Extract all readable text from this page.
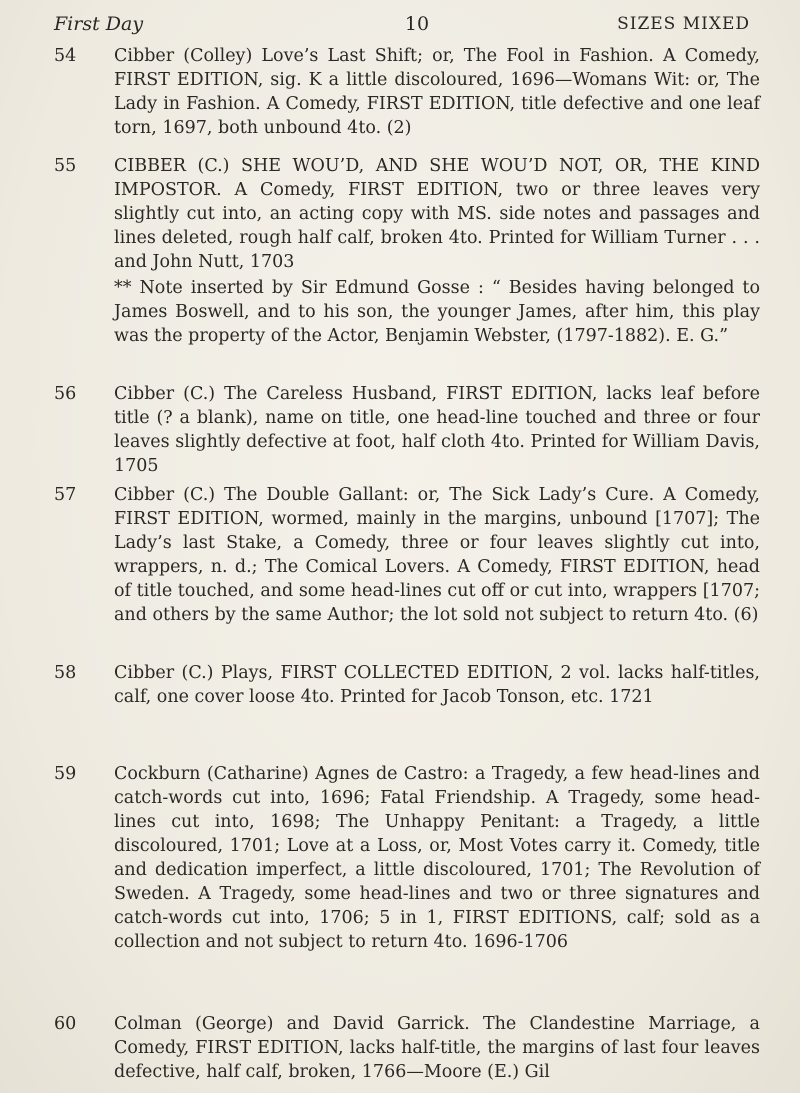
First Day	10	SIZES MIXED
54	Cibber (Colley) Love’s Last Shift; or, The Fool in Fashion. A Comedy, FIRST EDITION, sig. K a little discoloured, 1696—Womans Wit: or, The Lady in Fashion. A Comedy, FIRST EDITION, title defective and one leaf torn, 1697, both unbound 4to. (2)
55	CIBBER (C.) SHE WOU’D, AND SHE WOU’D NOT, OR, THE KIND IMPOSTOR. A Comedy, FIRST EDITION, two or three leaves very slightly cut into, an acting copy with MS. side notes and passages and lines deleted, rough half calf, broken 4to. Printed for William Turner . . . and John Nutt, 1703
** Note inserted by Sir Edmund Gosse : “ Besides having belonged to James Boswell, and to his son, the younger James, after him, this play was the property of the Actor, Benjamin Webster, (1797-1882). E. G.”
56	Cibber (C.) The Careless Husband, FIRST EDITION, lacks leaf before title (? a blank), name on title, one head-line touched and three or four leaves slightly defective at foot, half cloth 4to. Printed for William Davis, 1705
57	Cibber (C.) The Double Gallant: or, The Sick Lady’s Cure. A Comedy, FIRST EDITION, wormed, mainly in the margins, unbound [1707]; The Lady’s last Stake, a Comedy, three or four leaves slightly cut into, wrappers, n. d.; The Comical Lovers. A Comedy, FIRST EDITION, head of title touched, and some head-lines cut off or cut into, wrappers [1707; and others by the same Author; the lot sold not subject to return 4to. (6)
58	Cibber (C.) Plays, FIRST COLLECTED EDITION, 2 vol. lacks half-titles, calf, one cover loose 4to. Printed for Jacob Tonson, etc. 1721
59	Cockburn (Catharine) Agnes de Castro: a Tragedy, a few head-lines and catch-words cut into, 1696; Fatal Friendship. A Tragedy, some head-lines cut into, 1698; The Unhappy Penitant: a Tragedy, a little discoloured, 1701; Love at a Loss, or, Most Votes carry it. Comedy, title and dedication imperfect, a little discoloured, 1701; The Revolution of Sweden. A Tragedy, some head-lines and two or three signatures and catch-words cut into, 1706; 5 in 1, FIRST EDITIONS, calf; sold as a collection and not subject to return 4to. 1696-1706
60	Colman (George) and David Garrick. The Clandestine Marriage, a Comedy, FIRST EDITION, lacks half-title, the margins of last four leaves defective, half calf, broken, 1766—Moore (E.) Gil
